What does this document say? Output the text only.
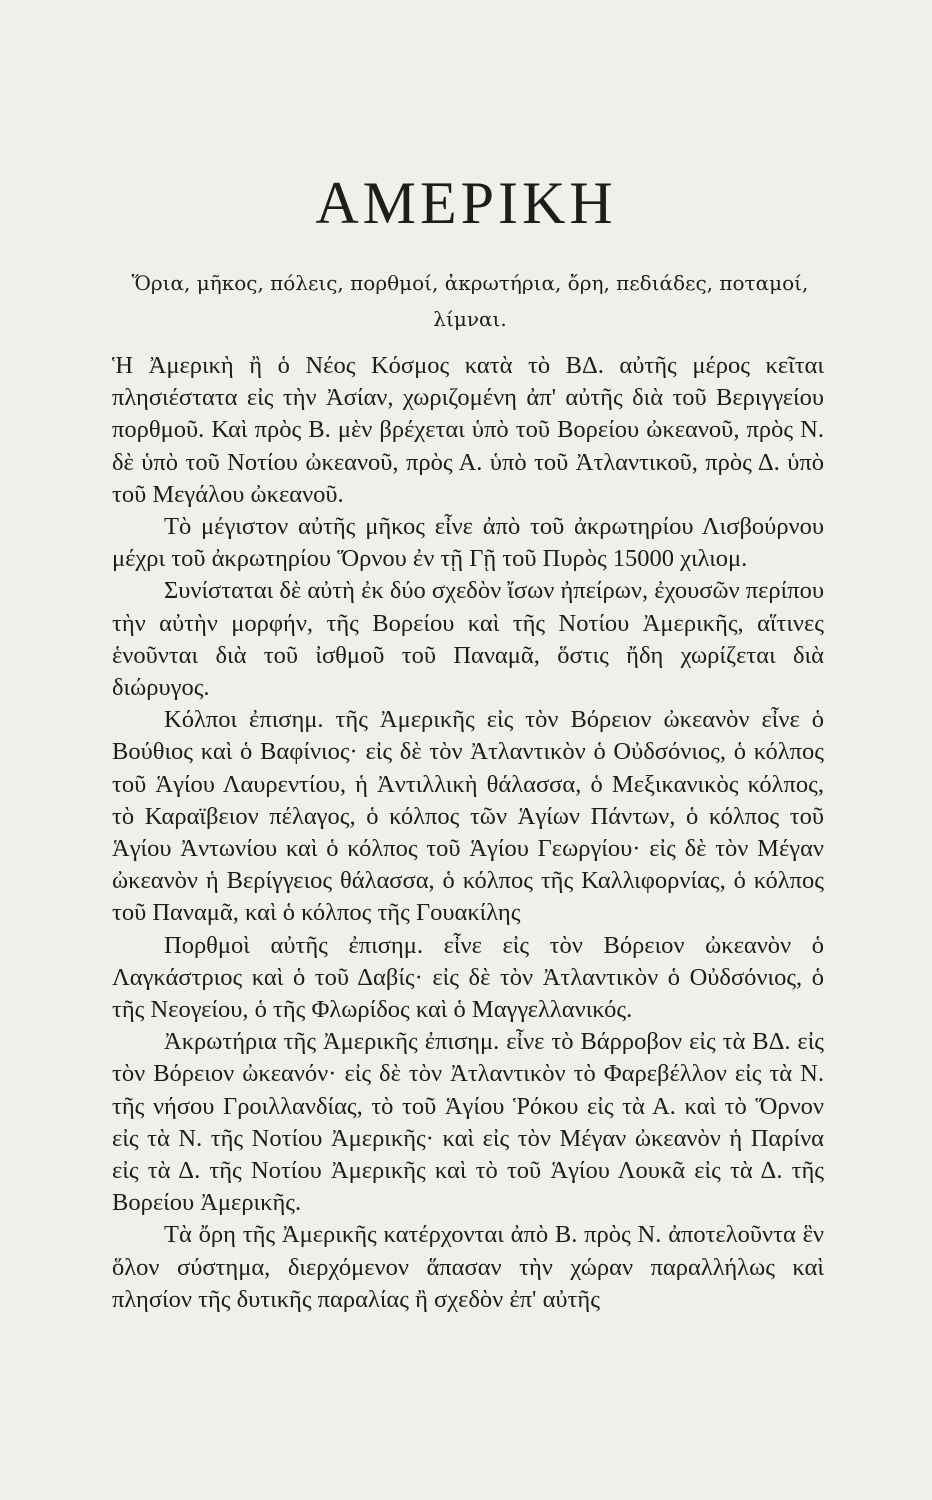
ΑΜΕΡΙΚΗ

Ὅρια, μῆκος, πόλεις, πορθμοί, ἀκρωτήρια, ὄρη, πεδιάδες, ποταμοί, λίμναι.

Ἡ Ἀμερικὴ ἢ ὁ Νέος Κόσμος κατὰ τὸ ΒΔ. αὐτῆς μέρος κεῖται πλησιέστατα εἰς τὴν Ἀσίαν, χωριζομένη ἀπ' αὐτῆς διὰ τοῦ Βεριγγείου πορθμοῦ. Καὶ πρὸς Β. μὲν βρέχεται ὑπὸ τοῦ Βορείου ὠκεανοῦ, πρὸς Ν. δὲ ὑπὸ τοῦ Νοτίου ὠκεανοῦ, πρὸς Α. ὑπὸ τοῦ Ἀτλαντικοῦ, πρὸς Δ. ὑπὸ τοῦ Μεγάλου ὠκεανοῦ.

Τὸ μέγιστον αὐτῆς μῆκος εἶνε ἀπὸ τοῦ ἀκρωτηρίου Λισβούρνου μέχρι τοῦ ἀκρωτηρίου Ὅρνου ἐν τῇ Γῇ τοῦ Πυρὸς 15000 χιλιομ.

Συνίσταται δὲ αὐτὴ ἐκ δύο σχεδὸν ἴσων ἠπείρων, ἐχουσῶν περίπου τὴν αὐτὴν μορφήν, τῆς Βορείου καὶ τῆς Νοτίου Ἀμερικῆς, αἵτινες ἑνοῦνται διὰ τοῦ ἰσθμοῦ τοῦ Παναμᾶ, ὅστις ἤδη χωρίζεται διὰ διώρυγος.

Κόλποι ἐπισημ. τῆς Ἀμερικῆς εἰς τὸν Βόρειον ὠκεανὸν εἶνε ὁ Βούθιος καὶ ὁ Βαφίνιος· εἰς δὲ τὸν Ἀτλαντικὸν ὁ Οὐδσόνιος, ὁ κόλπος τοῦ Ἁγίου Λαυρεντίου, ἡ Ἀντιλλικὴ θάλασσα, ὁ Μεξικανικὸς κόλπος, τὸ Καραϊβειον πέλαγος, ὁ κόλπος τῶν Ἁγίων Πάντων, ὁ κόλπος τοῦ Ἁγίου Ἀντωνίου καὶ ὁ κόλπος τοῦ Ἁγίου Γεωργίου· εἰς δὲ τὸν Μέγαν ὠκεανὸν ἡ Βερίγγειος θάλασσα, ὁ κόλπος τῆς Καλλιφορνίας, ὁ κόλπος τοῦ Παναμᾶ, καὶ ὁ κόλπος τῆς Γουακίλης

Πορθμοὶ αὐτῆς ἐπισημ. εἶνε εἰς τὸν Βόρειον ὠκεανὸν ὁ Λαγκάστριος καὶ ὁ τοῦ Δαβίς· εἰς δὲ τὸν Ἀτλαντικὸν ὁ Οὐδσόνιος, ὁ τῆς Νεογείου, ὁ τῆς Φλωρίδος καὶ ὁ Μαγγελλανικός.

Ἀκρωτήρια τῆς Ἀμερικῆς ἐπισημ. εἶνε τὸ Βάρροβον εἰς τὰ ΒΔ. εἰς τὸν Βόρειον ὠκεανόν· εἰς δὲ τὸν Ἀτλαντικὸν τὸ Φαρεβέλλον εἰς τὰ Ν. τῆς νήσου Γροιλλανδίας, τὸ τοῦ Ἁγίου Ῥόκου εἰς τὰ Α. καὶ τὸ Ὅρνον εἰς τὰ Ν. τῆς Νοτίου Ἀμερικῆς· καὶ εἰς τὸν Μέγαν ὠκεανὸν ἡ Παρίνα εἰς τὰ Δ. τῆς Νοτίου Ἀμερικῆς καὶ τὸ τοῦ Ἁγίου Λουκᾶ εἰς τὰ Δ. τῆς Βορείου Ἀμερικῆς.

Τὰ ὄρη τῆς Ἀμερικῆς κατέρχονται ἀπὸ Β. πρὸς Ν. ἀποτελοῦντα ἓν ὅλον σύστημα, διερχόμενον ἅπασαν τὴν χώραν παραλλήλως καὶ πλησίον τῆς δυτικῆς παραλίας ἢ σχεδὸν ἐπ' αὐτῆς
